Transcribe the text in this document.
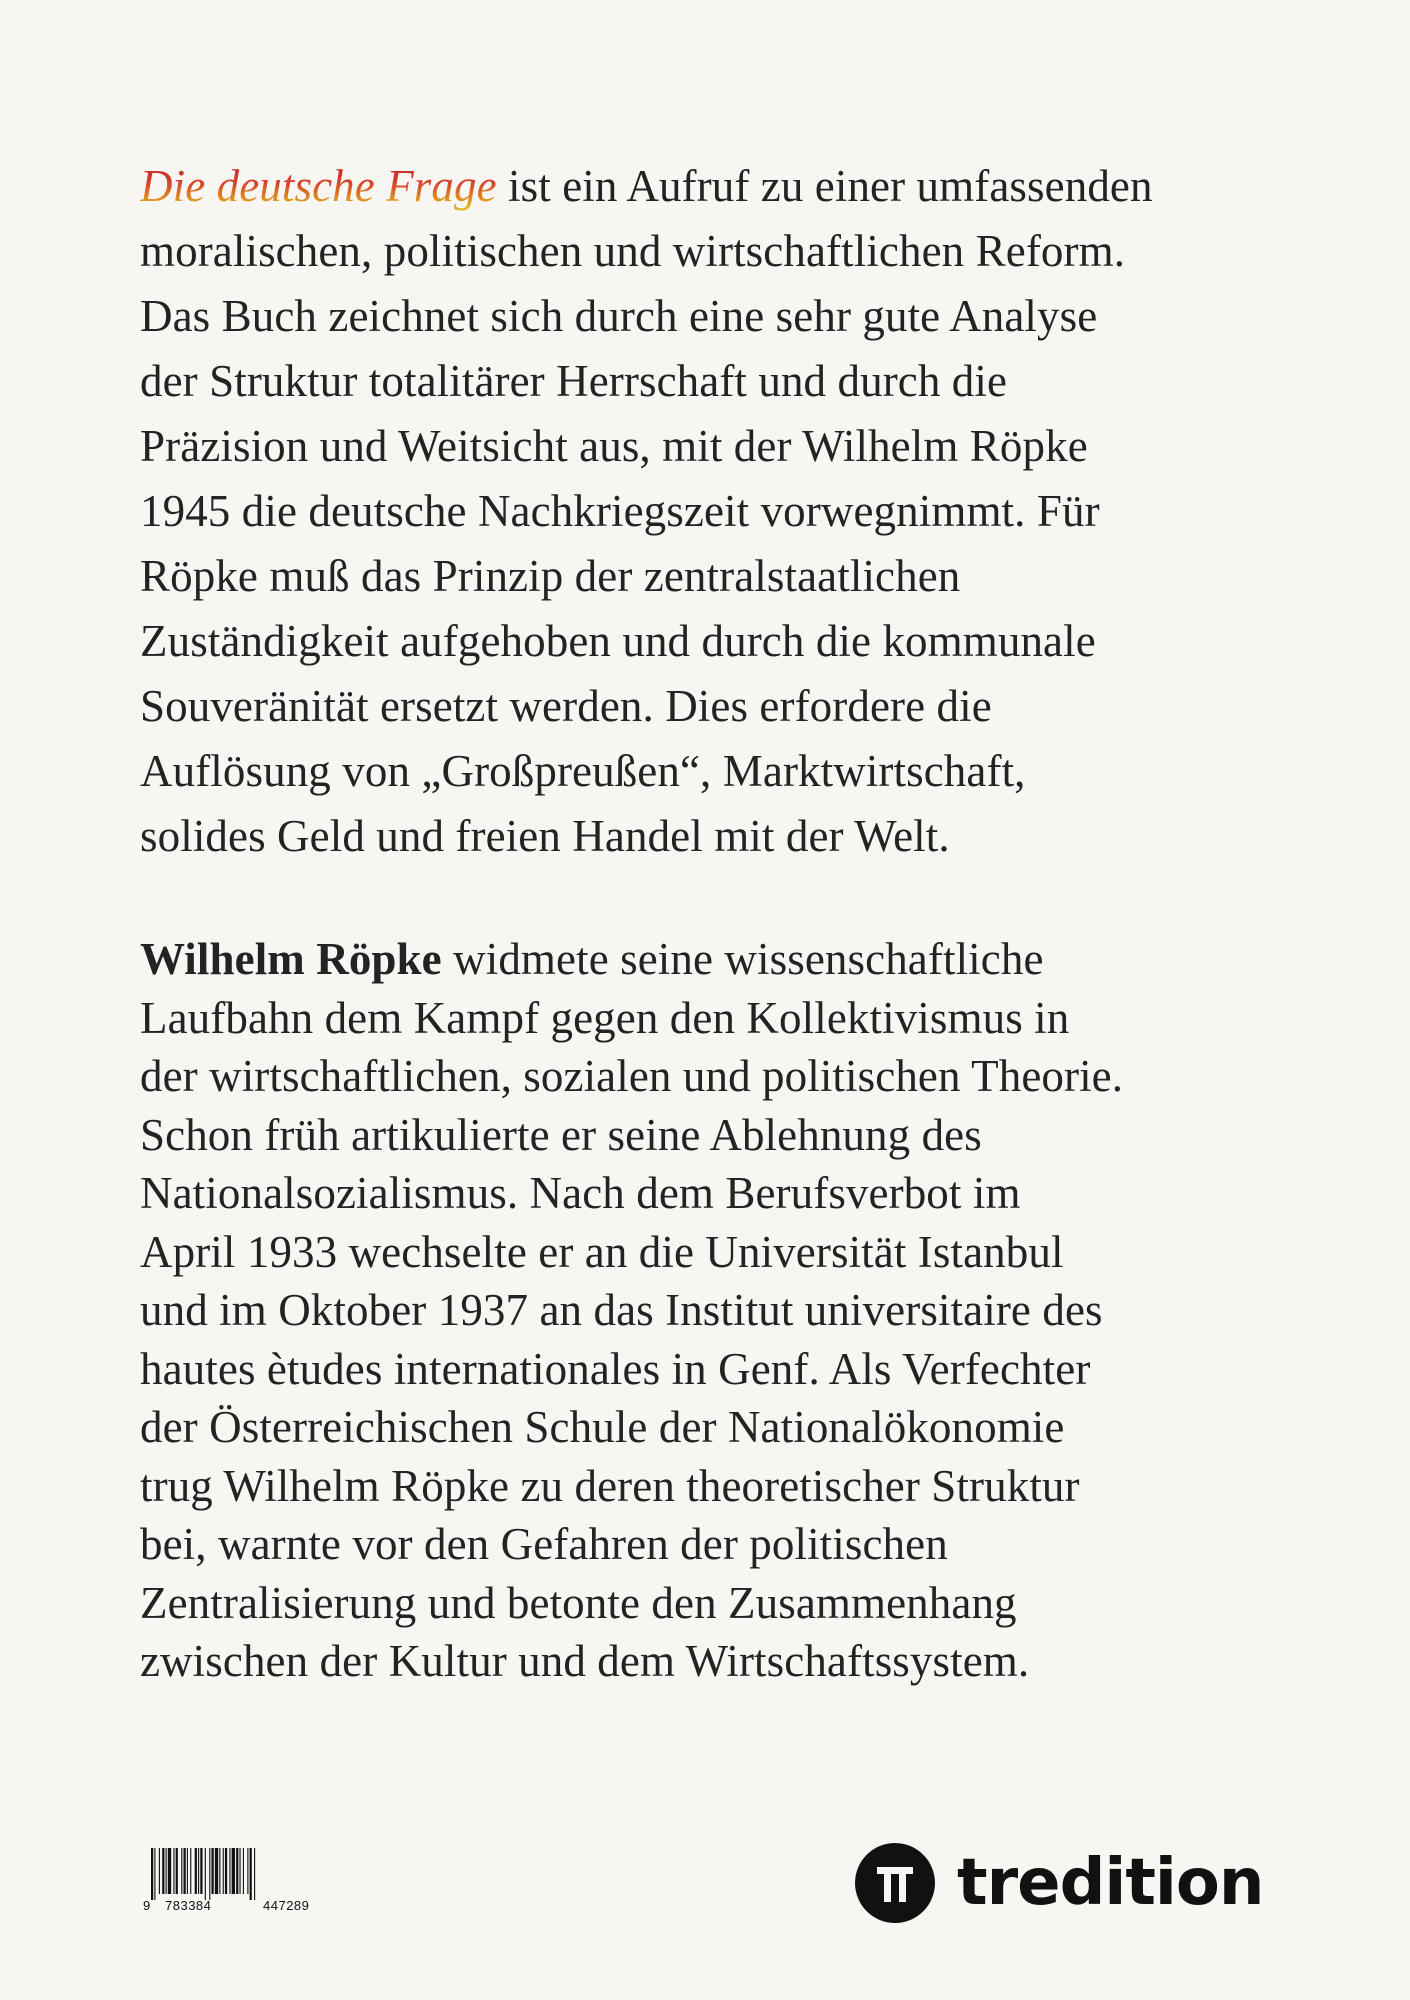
Die deutsche Frage ist ein Aufruf zu einer umfassenden
moralischen, politischen und wirtschaftlichen Reform.
Das Buch zeichnet sich durch eine sehr gute Analyse
der Struktur totalitärer Herrschaft und durch die
Präzision und Weitsicht aus, mit der Wilhelm Röpke
1945 die deutsche Nachkriegszeit vorwegnimmt. Für
Röpke muß das Prinzip der zentralstaatlichen
Zuständigkeit aufgehoben und durch die kommunale
Souveränität ersetzt werden. Dies erfordere die
Auflösung von „Großpreußen“, Marktwirtschaft,
solides Geld und freien Handel mit der Welt.

Wilhelm Röpke widmete seine wissenschaftliche
Laufbahn dem Kampf gegen den Kollektivismus in
der wirtschaftlichen, sozialen und politischen Theorie.
Schon früh artikulierte er seine Ablehnung des
Nationalsozialismus. Nach dem Berufsverbot im
April 1933 wechselte er an die Universität Istanbul
und im Oktober 1937 an das Institut universitaire des
hautes ètudes internationales in Genf. Als Verfechter
der Österreichischen Schule der Nationalökonomie
trug Wilhelm Röpke zu deren theoretischer Struktur
bei, warnte vor den Gefahren der politischen
Zentralisierung und betonte den Zusammenhang
zwischen der Kultur und dem Wirtschaftssystem.

9 783384	447289	tredition
